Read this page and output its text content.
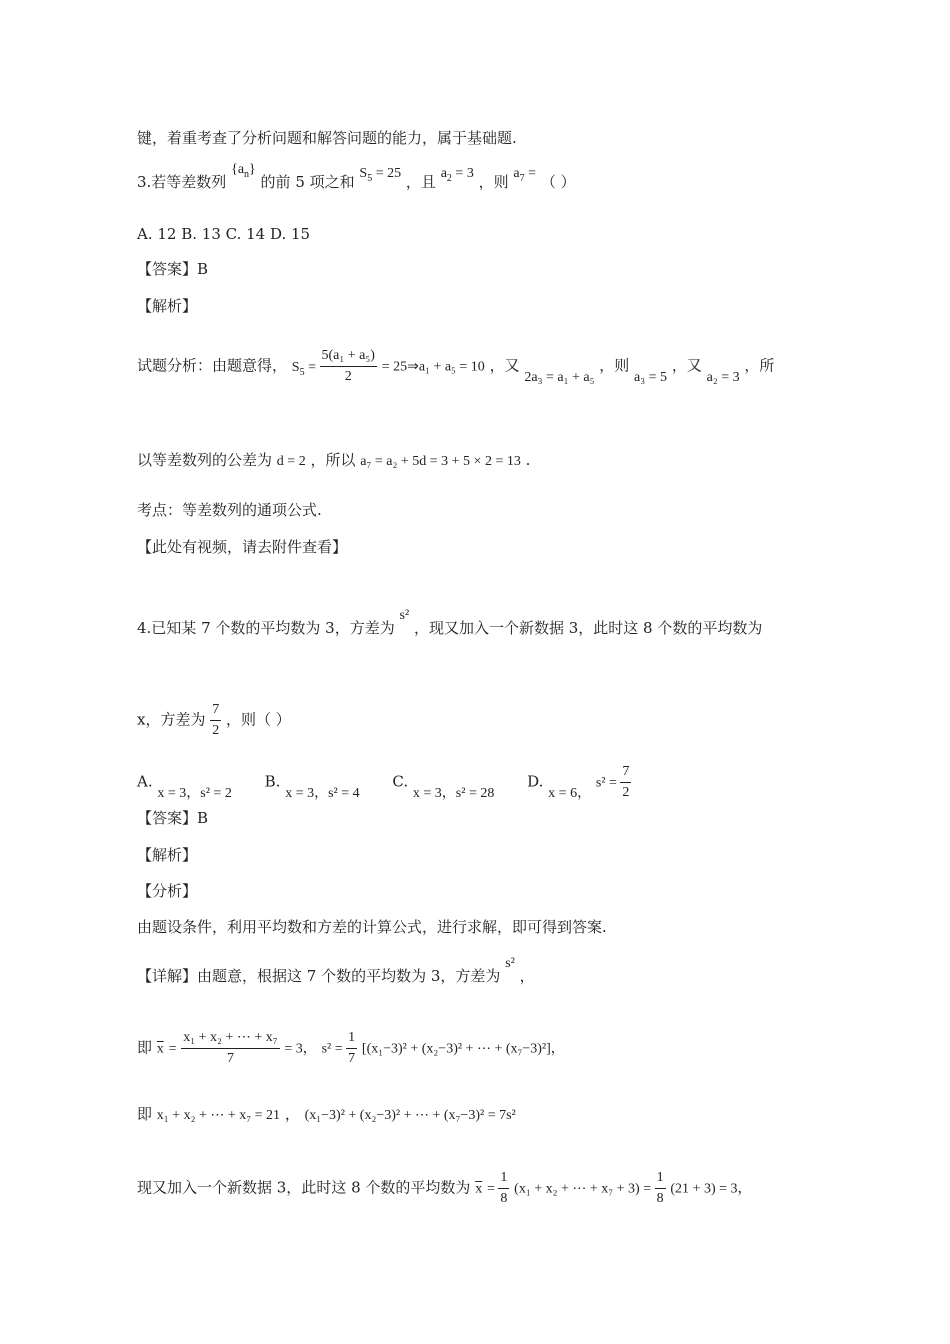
键，着重考查了分析问题和解答问题的能力，属于基础题.
3.若等差数列 $\{a_n\}$ 的前 5 项之和 $S_5 = 25$ ，且 $a_2 = 3$ ，则 $a_7$ = （ ）
A. 12 B. 13 C. 14 D. 15
【答案】B
【解析】
试题分析：由题意得， $S_5 = \frac{\text{5(a₁ + a₅)}}{2}$ = 25⇒a₁ + a₅ = 10 ，又 2a₃ = a₁ + a₅ ，则 a₃ = 5 ，又 a₂ = 3 ，所
以等差数列的公差为 d = 2 ，所以 a₇ = a₂ + 5d = 3 + 5 × 2 = 13 .
考点：等差数列的通项公式.
【此处有视频，请去附件查看】
4.已知某 7 个数的平均数为 3，方差为 s² ，现又加入一个新数据 3，此时这 8 个数的平均数为
x，方差为 $\frac{7}{2}$ ，则（ ）
A. x = 3，s² = 2 B. x = 3，s² = 4 C. x = 3，s² = 28 D. x = 6， $s^2 = \frac{7}{2}$
【答案】B
【解析】
【分析】
由题设条件，利用平均数和方差的计算公式，进行求解，即可得到答案.
【详解】由题意，根据这 7 个数的平均数为 3，方差为 s² ，
即 $\overline{x} = \frac{\text{x₁ + x₂ + ⋯ + x₇}}{7} = 3$， $s^2 = \frac{1}{7} [(x_1-3)^2 + (x_2-3)^2$ + ⋯ + (x₇−3)²]，
即 x₁ + x₂ + ⋯ + x₇ = 21 ， (x₁−3)² + (x₂−3)² + ⋯ + (x₇−3)² = 7s²
现又加入一个新数据 3，此时这 8 个数的平均数为 $\overline{x} = \frac{1}{8} (x_1 + x_2$ + ⋯ + $x_7 + 3) = \frac{1}{8} (21 + 3) = 3$，
